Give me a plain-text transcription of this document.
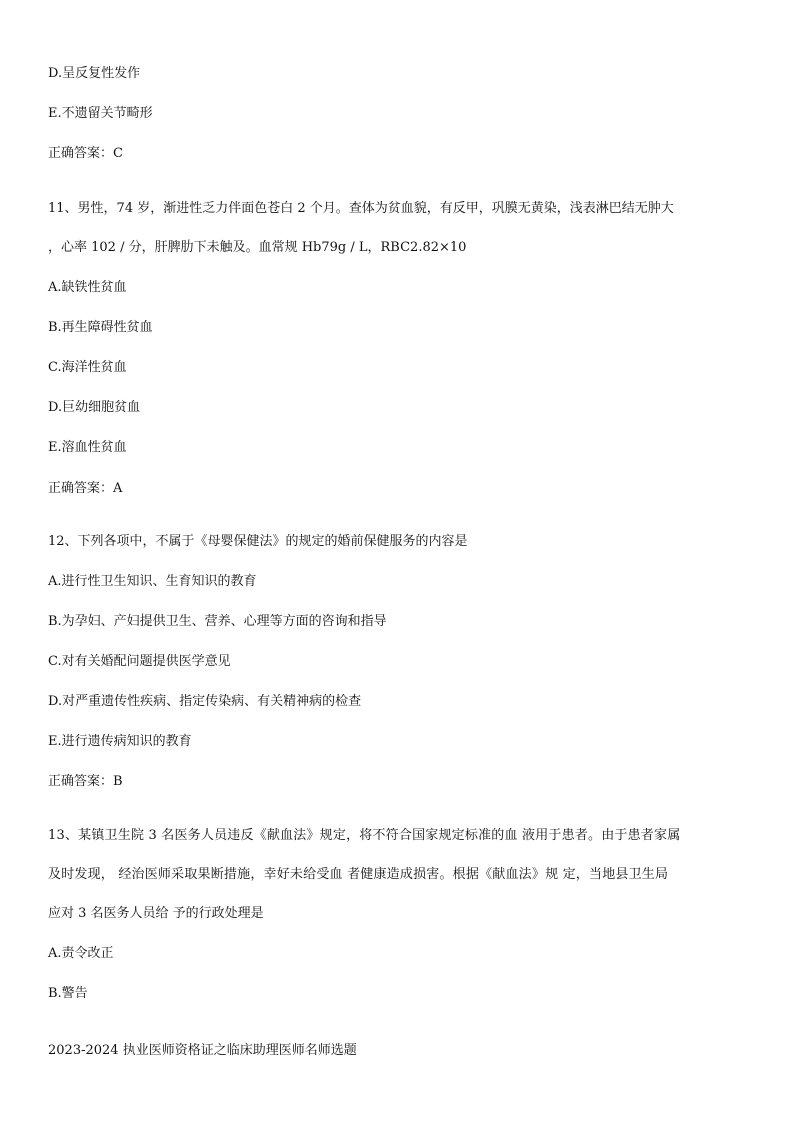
D.呈反复性发作
E.不遗留关节畸形
正确答案：C
11、男性，74 岁，渐进性乏力伴面色苍白 2 个月。查体为贫血貌，有反甲，巩膜无黄染，浅表淋巴结无肿大
，心率 102 / 分，肝脾肋下未触及。血常规 Hb79g / L，RBC2.82×10
A.缺铁性贫血
B.再生障碍性贫血
C.海洋性贫血
D.巨幼细胞贫血
E.溶血性贫血
正确答案：A
12、下列各项中，不属于《母婴保健法》的规定的婚前保健服务的内容是
A.进行性卫生知识、生育知识的教育
B.为孕妇、产妇提供卫生、营养、心理等方面的咨询和指导
C.对有关婚配问题提供医学意见
D.对严重遗传性疾病、指定传染病、有关精神病的检查
E.进行遗传病知识的教育
正确答案：B
13、某镇卫生院 3 名医务人员违反《献血法》规定，将不符合国家规定标准的血 液用于患者。由于患者家属
及时发现， 经治医师采取果断措施，幸好未给受血 者健康造成损害。根据《献血法》规 定，当地县卫生局
应对 3 名医务人员给 予的行政处理是
A.责令改正
B.警告
2023-2024 执业医师资格证之临床助理医师名师选题
